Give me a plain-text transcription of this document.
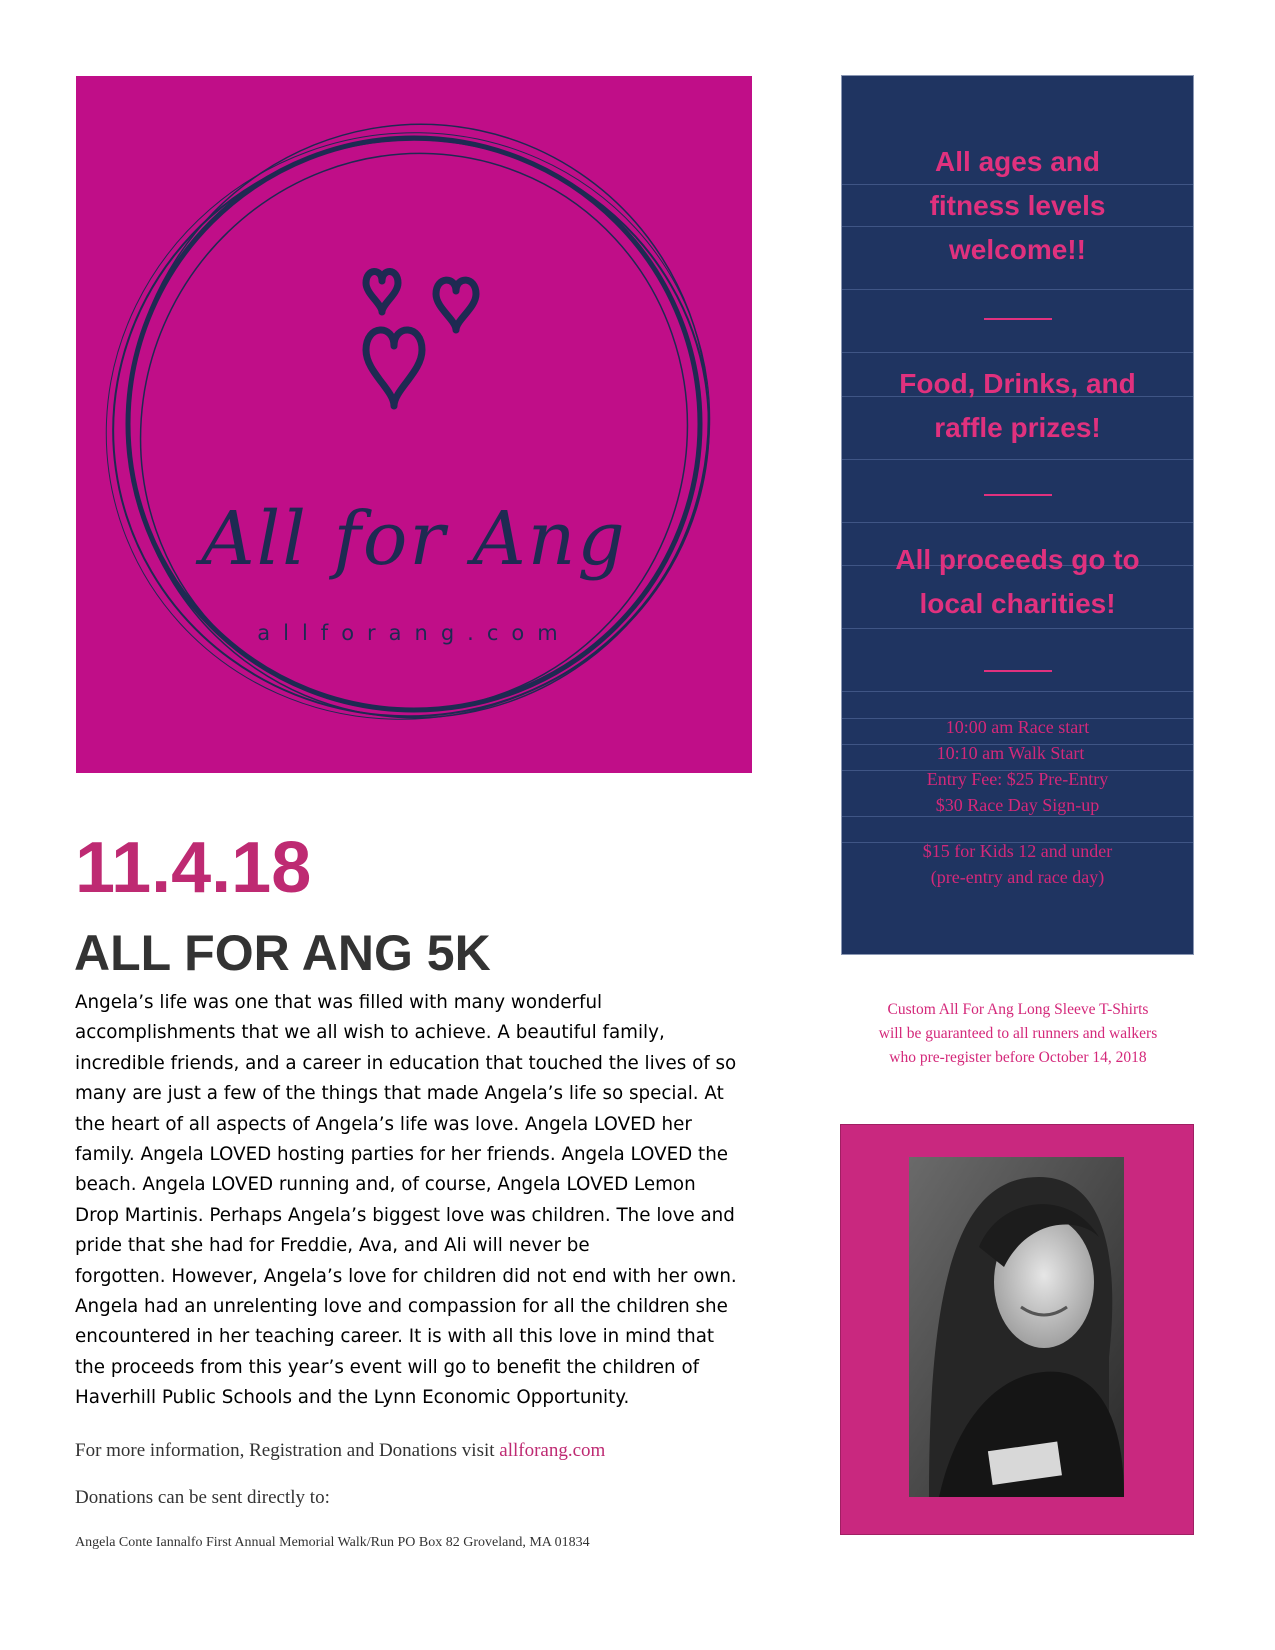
All for Ang
allforang.com
All ages and
fitness levels
welcome!!
Food, Drinks, and
raffle prizes!
All proceeds go to
local charities!
10:00 am Race start
10:10 am Walk Start
Entry Fee: $25 Pre-Entry
$30 Race Day Sign-up
$15 for Kids 12 and under
(pre-entry and race day)
Custom All For Ang Long Sleeve T-Shirts
will be guaranteed to all runners and walkers
who pre-register before October 14, 2018
11.4.18
ALL FOR ANG 5K
Angela’s life was one that was filled with many wonderful
accomplishments that we all wish to achieve. A beautiful family,
incredible friends, and a career in education that touched the lives of so
many are just a few of the things that made Angela’s life so special. At
the heart of all aspects of Angela’s life was love. Angela LOVED her
family. Angela LOVED hosting parties for her friends. Angela LOVED the
beach. Angela LOVED running and, of course, Angela LOVED Lemon
Drop Martinis. Perhaps Angela’s biggest love was children. The love and
pride that she had for Freddie, Ava, and Ali will never be
forgotten. However, Angela’s love for children did not end with her own.
Angela had an unrelenting love and compassion for all the children she
encountered in her teaching career. It is with all this love in mind that
the proceeds from this year’s event will go to benefit the children of
Haverhill Public Schools and the Lynn Economic Opportunity.
For more information, Registration and Donations visit allforang.com
Donations can be sent directly to:
Angela Conte Iannalfo First Annual Memorial Walk/Run PO Box 82 Groveland, MA 01834
